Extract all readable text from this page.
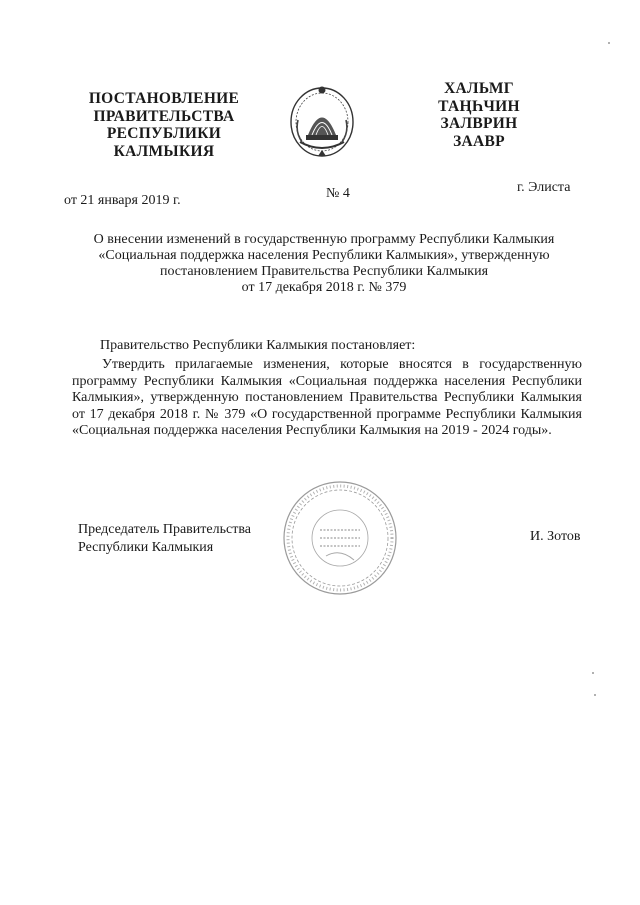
ПОСТАНОВЛЕНИЕ
ПРАВИТЕЛЬСТВА
РЕСПУБЛИКИ
КАЛМЫКИЯ
ХАЛЬМГ
ТАҢҺЧИН
ЗАЛВРИН
ЗААВР
от 21 января 2019 г.	№ 4	г. Элиста
О внесении изменений в государственную программу Республики Калмыкия
«Социальная поддержка населения Республики Калмыкия», утвержденную
постановлением Правительства Республики Калмыкия
от 17 декабря 2018 г. № 379
Правительство Республики Калмыкия постановляет:
Утвердить прилагаемые изменения, которые вносятся в государственную программу Республики Калмыкия «Социальная поддержка населения Республики Калмыкия», утвержденную постановлением Правительства Республики Калмыкия от 17 декабря 2018 г. № 379 «О государственной программе Республики Калмыкия «Социальная поддержка населения Республики Калмыкия на 2019 - 2024 годы».
Председатель Правительства
Республики Калмыкия
И. Зотов
